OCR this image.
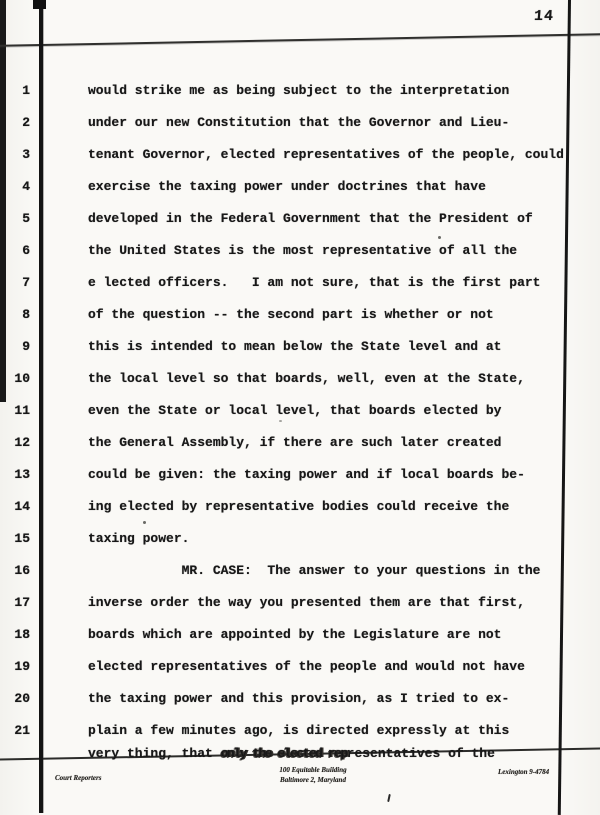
14
1	would strike me as being subject to the interpretation
2	under our new Constitution that the Governor and Lieu-
3	tenant Governor, elected representatives of the people, could
4	exercise the taxing power under doctrines that have
5	developed in the Federal Government that the President of
6	the United States is the most representative of all the
7	e lected officers.   I am not sure, that is the first part
8	of the question -- the second part is whether or not
9	this is intended to mean below the State level and at
10	the local level so that boards, well, even at the State,
11	even the State or local level, that boards elected by
12	the General Assembly, if there are such later created
13	could be given: the taxing power and if local boards be-
14	ing elected by representative bodies could receive the
15	taxing power.
16	MR. CASE:  The answer to your questions in the
17	inverse order the way you presented them are that first,
18	boards which are appointed by the Legislature are not
19	elected representatives of the people and would not have
20	the taxing power and this provision, as I tried to ex-
21	plain a few minutes ago, is directed expressly at this
very thing, that only the elected representatives of the
Court Reporters
100 Equitable Building
Baltimore 2, Maryland
Lexington 9-4784
